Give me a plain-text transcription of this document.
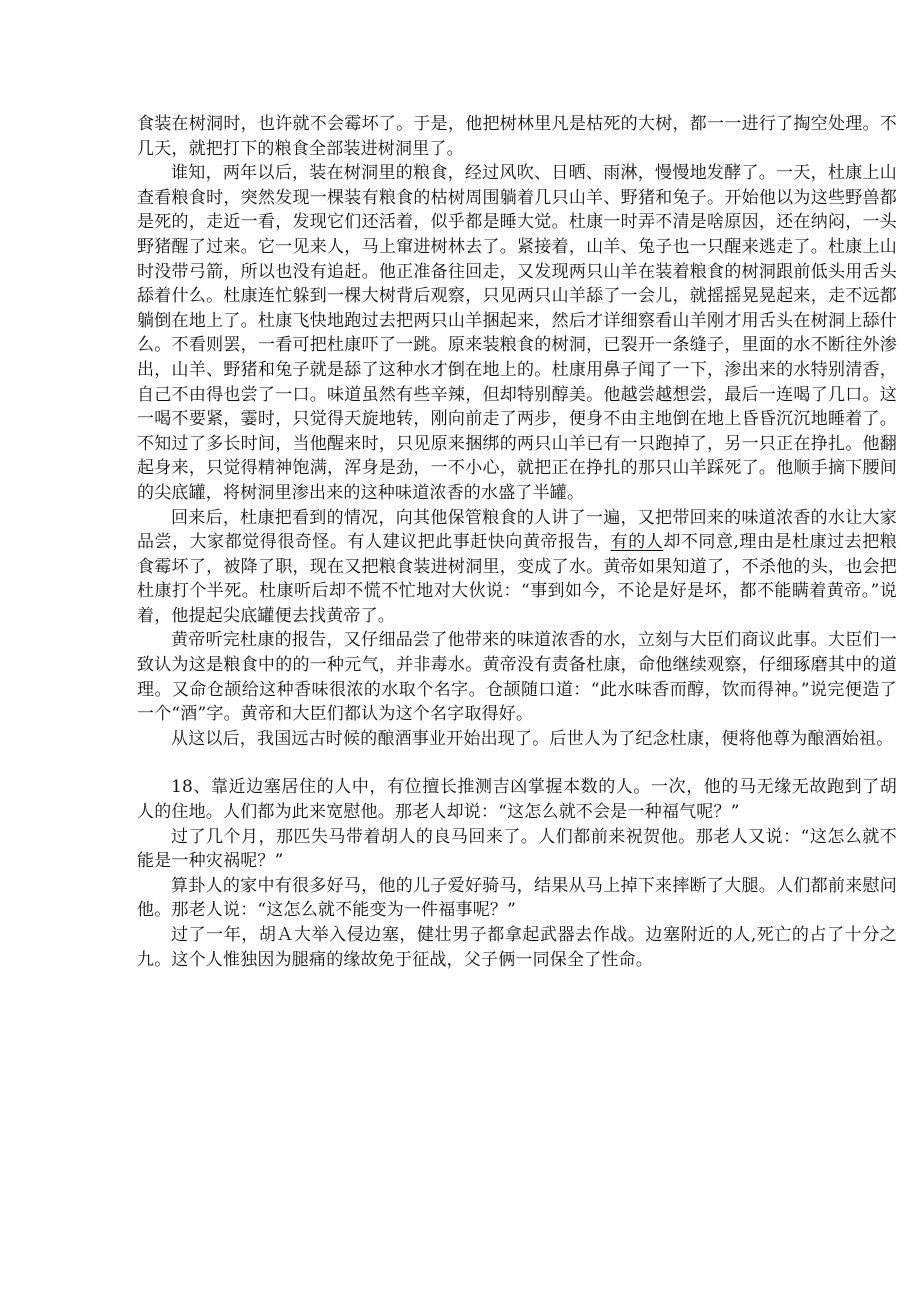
食装在树洞时，也许就不会霉坏了。于是，他把树林里凡是枯死的大树，都一一进行了掏空处理。不几天，就把打下的粮食全部装进树洞里了。

谁知，两年以后，装在树洞里的粮食，经过风吹、日晒、雨淋，慢慢地发酵了。一天，杜康上山查看粮食时，突然发现一棵装有粮食的枯树周围躺着几只山羊、野猪和兔子。开始他以为这些野兽都是死的，走近一看，发现它们还活着，似乎都是睡大觉。杜康一时弄不清是啥原因，还在纳闷，一头野猪醒了过来。它一见来人，马上窜进树林去了。紧接着，山羊、兔子也一只醒来逃走了。杜康上山时没带弓箭，所以也没有追赶。他正准备往回走，又发现两只山羊在装着粮食的树洞跟前低头用舌头舔着什么。杜康连忙躲到一棵大树背后观察，只见两只山羊舔了一会儿，就摇摇晃晃起来，走不远都躺倒在地上了。杜康飞快地跑过去把两只山羊捆起来，然后才详细察看山羊刚才用舌头在树洞上舔什么。不看则罢，一看可把杜康吓了一跳。原来装粮食的树洞，已裂开一条缝子，里面的水不断往外渗出，山羊、野猪和兔子就是舔了这种水才倒在地上的。杜康用鼻子闻了一下，渗出来的水特别清香，自己不由得也尝了一口。味道虽然有些辛辣，但却特别醇美。他越尝越想尝，最后一连喝了几口。这一喝不要紧，霎时，只觉得天旋地转，刚向前走了两步，便身不由主地倒在地上昏昏沉沉地睡着了。不知过了多长时间，当他醒来时，只见原来捆绑的两只山羊已有一只跑掉了，另一只正在挣扎。他翻起身来，只觉得精神饱满，浑身是劲，一不小心，就把正在挣扎的那只山羊踩死了。他顺手摘下腰间的尖底罐，将树洞里渗出来的这种味道浓香的水盛了半罐。

回来后，杜康把看到的情况，向其他保管粮食的人讲了一遍，又把带回来的味道浓香的水让大家品尝，大家都觉得很奇怪。有人建议把此事赶快向黄帝报告，有的人却不同意,理由是杜康过去把粮食霉坏了，被降了职，现在又把粮食装进树洞里，变成了水。黄帝如果知道了，不杀他的头，也会把杜康打个半死。杜康听后却不慌不忙地对大伙说：“事到如今，不论是好是坏，都不能瞒着黄帝。”说着，他提起尖底罐便去找黄帝了。

黄帝听完杜康的报告，又仔细品尝了他带来的味道浓香的水，立刻与大臣们商议此事。大臣们一致认为这是粮食中的的一种元气，并非毒水。黄帝没有责备杜康，命他继续观察，仔细琢磨其中的道理。又命仓颉给这种香味很浓的水取个名字。仓颉随口道：“此水味香而醇，饮而得神。”说完便造了一个“酒”字。黄帝和大臣们都认为这个名字取得好。

从这以后，我国远古时候的酿酒事业开始出现了。后世人为了纪念杜康，便将他尊为酿酒始祖。

18、靠近边塞居住的人中，有位擅长推测吉凶掌握本数的人。一次，他的马无缘无故跑到了胡人的住地。人们都为此来宽慰他。那老人却说：“这怎么就不会是一种福气呢？”

过了几个月，那匹失马带着胡人的良马回来了。人们都前来祝贺他。那老人又说：“这怎么就不能是一种灾祸呢？”

算卦人的家中有很多好马，他的儿子爱好骑马，结果从马上掉下来摔断了大腿。人们都前来慰问他。那老人说：“这怎么就不能变为一件福事呢？”

过了一年，胡Ａ大举入侵边塞，健壮男子都拿起武器去作战。边塞附近的人,死亡的占了十分之九。这个人惟独因为腿痛的缘故免于征战，父子俩一同保全了性命。
